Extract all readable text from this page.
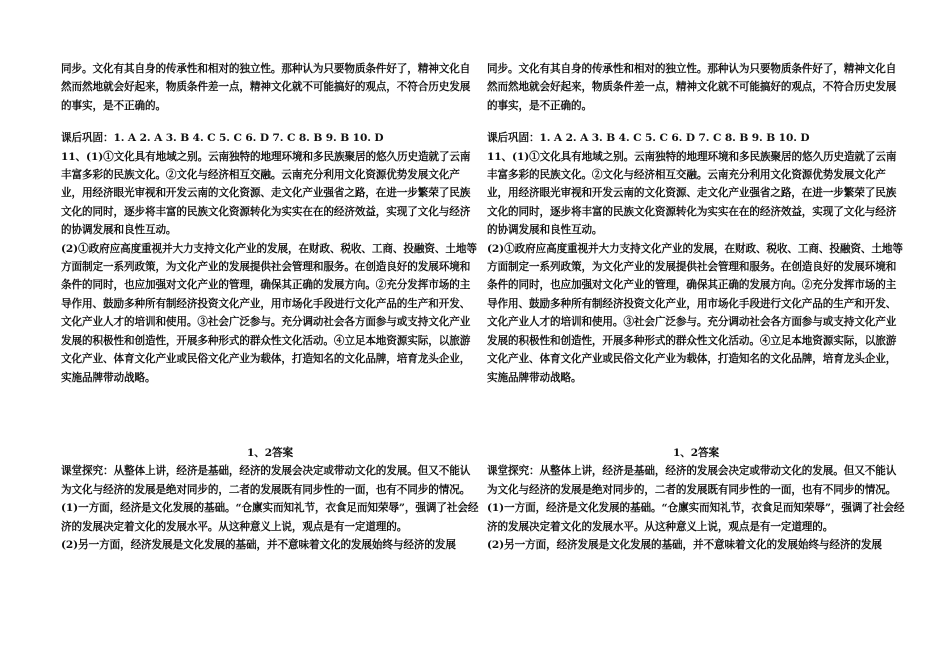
同步。文化有其自身的传承性和相对的独立性。那种认为只要物质条件好了，精神文化自然而然地就会好起来，物质条件差一点，精神文化就不可能搞好的观点，不符合历史发展的事实，是不正确的。

课后巩固：1. A 2. A 3. B 4. C 5. C 6. D 7. C 8. B 9. B 10. D

11、(1)①文化具有地域之别。云南独特的地理环境和多民族聚居的悠久历史造就了云南丰富多彩的民族文化。②文化与经济相互交融。云南充分利用文化资源优势发展文化产业，用经济眼光审视和开发云南的文化资源、走文化产业强省之路，在进一步繁荣了民族文化的同时，逐步将丰富的民族文化资源转化为实实在在的经济效益，实现了文化与经济的协调发展和良性互动。

(2)①政府应高度重视并大力支持文化产业的发展，在财政、税收、工商、投融资、土地等方面制定一系列政策，为文化产业的发展提供社会管理和服务。在创造良好的发展环境和条件的同时，也应加强对文化产业的管理，确保其正确的发展方向。②充分发挥市场的主导作用、鼓励多种所有制经济投资文化产业，用市场化手段进行文化产品的生产和开发、文化产业人才的培训和使用。③社会广泛参与。充分调动社会各方面参与或支持文化产业发展的积极性和创造性，开展多种形式的群众性文化活动。④立足本地资源实际，以旅游文化产业、体育文化产业或民俗文化产业为载体，打造知名的文化品牌，培育龙头企业，实施品牌带动战略。

1、2答案

课堂探究：从整体上讲，经济是基础，经济的发展会决定或带动文化的发展。但又不能认为文化与经济的发展是绝对同步的，二者的发展既有同步性的一面，也有不同步的情况。

(1)一方面，经济是文化发展的基础。“仓廪实而知礼节，衣食足而知荣辱”，强调了社会经济的发展决定着文化的发展水平。从这种意义上说，观点是有一定道理的。

(2)另一方面，经济发展是文化发展的基础，并不意味着文化的发展始终与经济的发展

同步。文化有其自身的传承性和相对的独立性。那种认为只要物质条件好了，精神文化自然而然地就会好起来，物质条件差一点，精神文化就不可能搞好的观点，不符合历史发展的事实，是不正确的。

课后巩固：1. A 2. A 3. B 4. C 5. C 6. D 7. C 8. B 9. B 10. D

11、(1)①文化具有地域之别。云南独特的地理环境和多民族聚居的悠久历史造就了云南丰富多彩的民族文化。②文化与经济相互交融。云南充分利用文化资源优势发展文化产业，用经济眼光审视和开发云南的文化资源、走文化产业强省之路，在进一步繁荣了民族文化的同时，逐步将丰富的民族文化资源转化为实实在在的经济效益，实现了文化与经济的协调发展和良性互动。

(2)①政府应高度重视并大力支持文化产业的发展，在财政、税收、工商、投融资、土地等方面制定一系列政策，为文化产业的发展提供社会管理和服务。在创造良好的发展环境和条件的同时，也应加强对文化产业的管理，确保其正确的发展方向。②充分发挥市场的主导作用、鼓励多种所有制经济投资文化产业，用市场化手段进行文化产品的生产和开发、文化产业人才的培训和使用。③社会广泛参与。充分调动社会各方面参与或支持文化产业发展的积极性和创造性，开展多种形式的群众性文化活动。④立足本地资源实际，以旅游文化产业、体育文化产业或民俗文化产业为载体，打造知名的文化品牌，培育龙头企业，实施品牌带动战略。

1、2答案

课堂探究：从整体上讲，经济是基础，经济的发展会决定或带动文化的发展。但又不能认为文化与经济的发展是绝对同步的，二者的发展既有同步性的一面，也有不同步的情况。

(1)一方面，经济是文化发展的基础。“仓廪实而知礼节，衣食足而知荣辱”，强调了社会经济的发展决定着文化的发展水平。从这种意义上说，观点是有一定道理的。

(2)另一方面，经济发展是文化发展的基础，并不意味着文化的发展始终与经济的发展
